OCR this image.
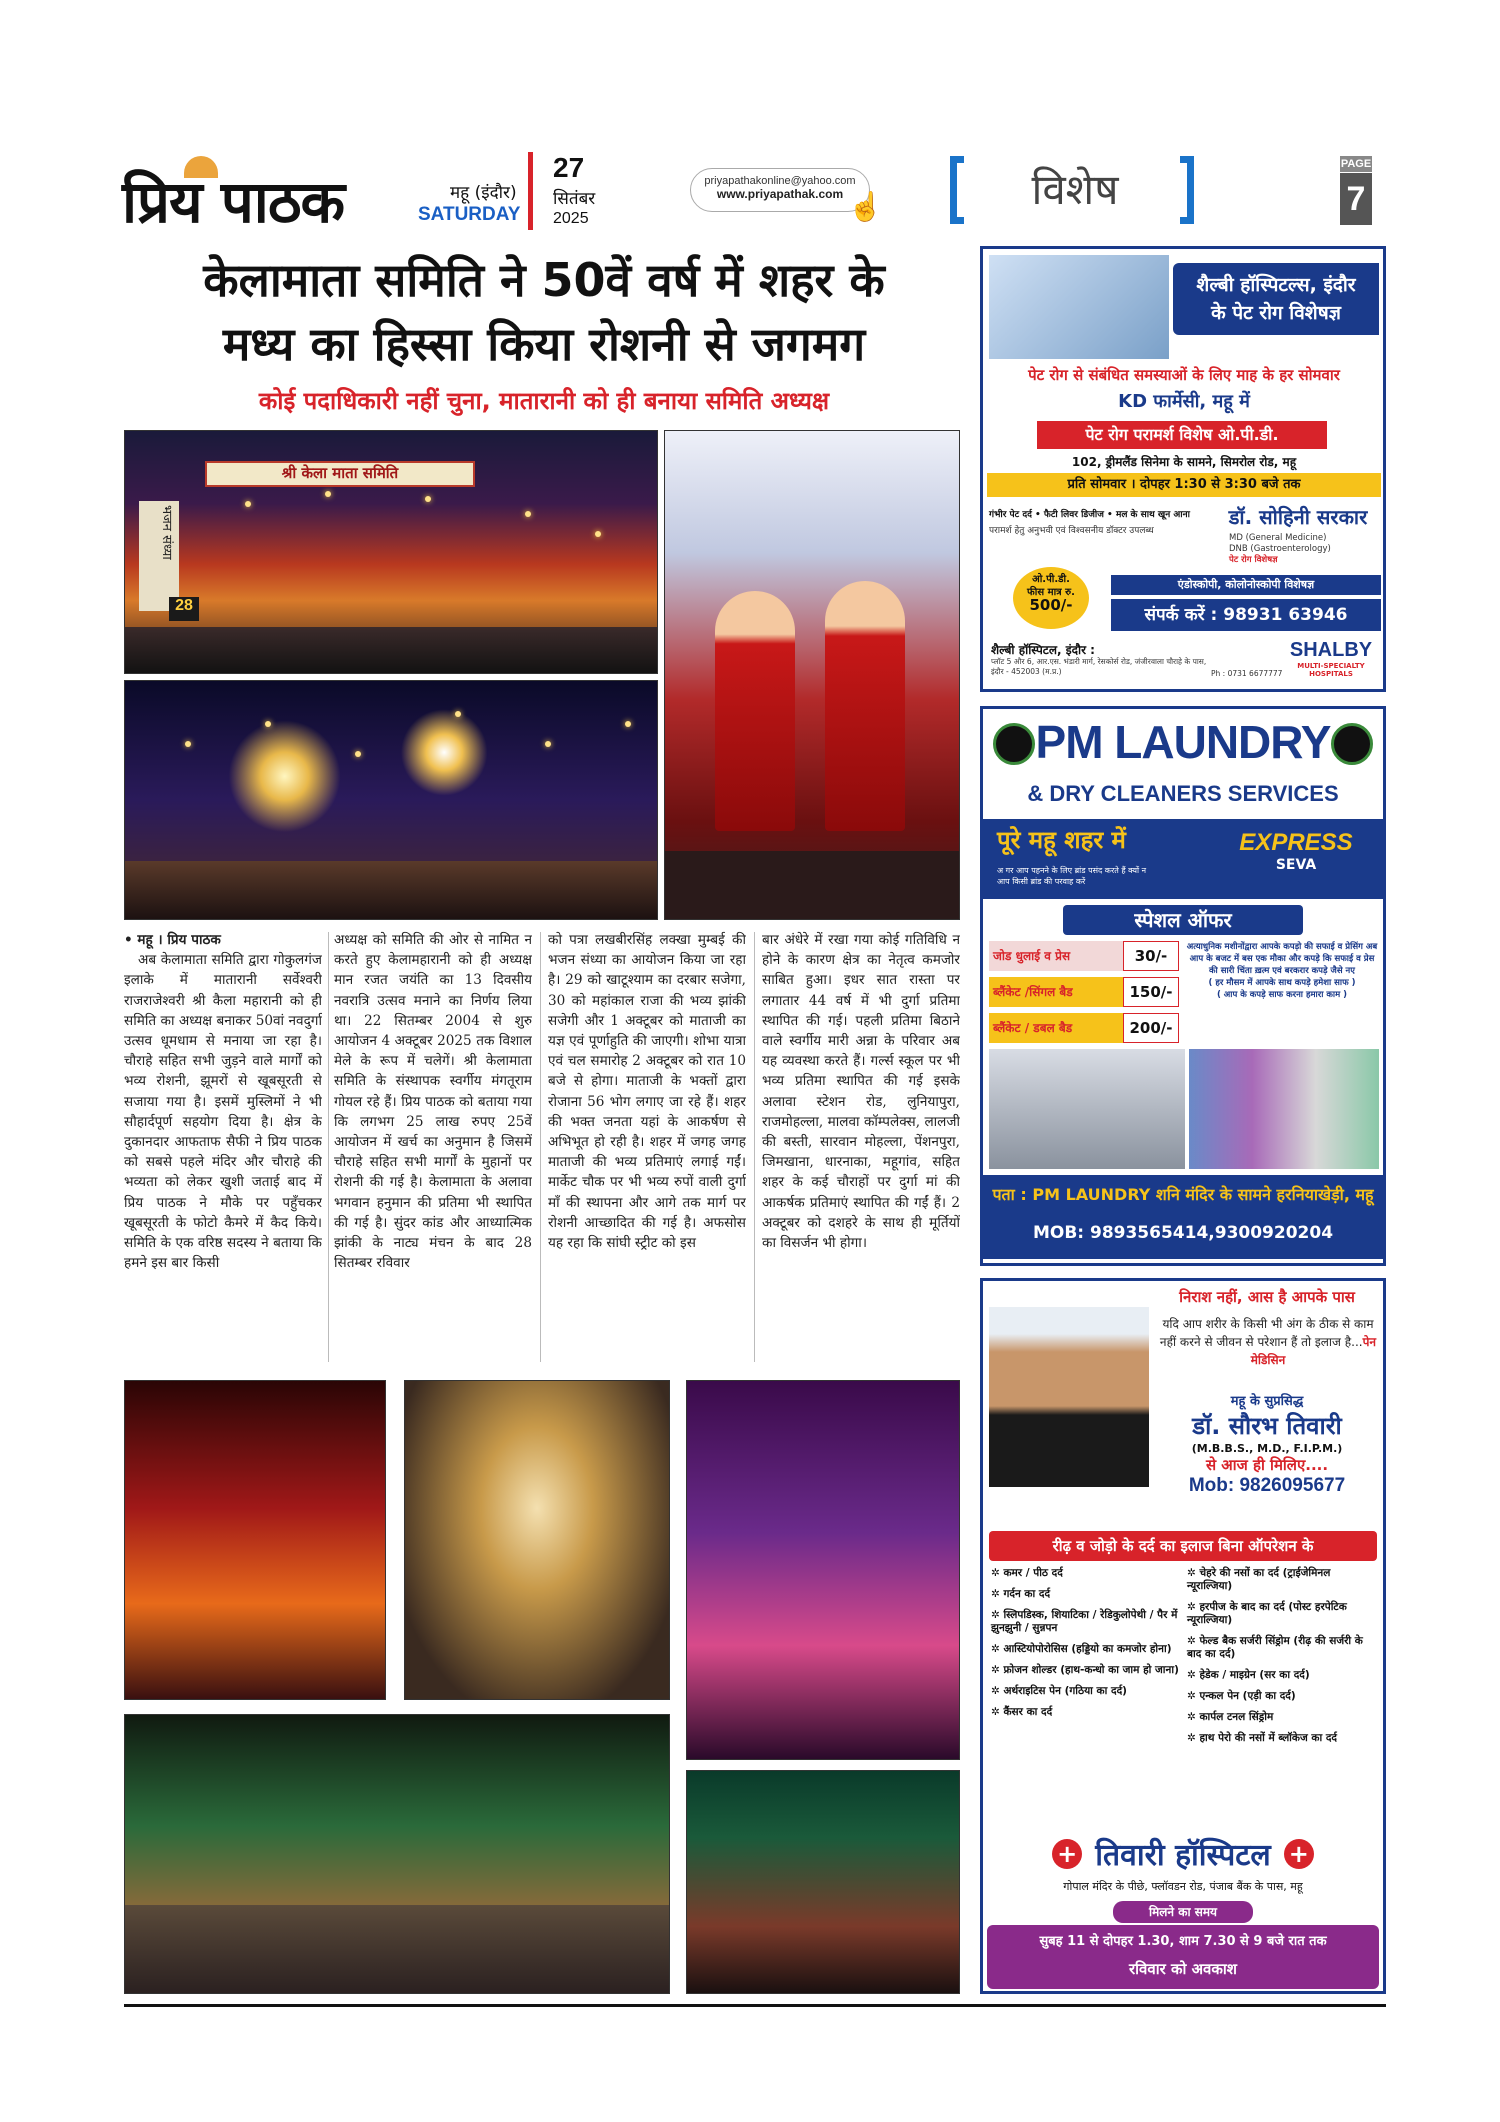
प्रिय पाठक	महू (इंदौर)
SATURDAY
27
सितंबर
2025
priyapathakonline@yahoo.com
www.priyapathak.com ☝	विशेष
PAGE
7
केलामाता समिति ने 50वें वर्ष में शहर के
मध्य का हिस्सा किया रोशनी से जगमग
कोई पदाधिकारी नहीं चुना, मातारानी को ही बनाया समिति अध्यक्ष
श्री केला माता समिति
भजन संध्या
28
• महू । प्रिय पाठक
अब केलामाता समिति द्वारा गोकुलगंज इलाके में मातारानी सर्वेश्वरी राजराजेश्वरी श्री कैला महारानी को ही समिति का अध्यक्ष बनाकर 50वां नवदुर्गा उत्सव धूमधाम से मनाया जा रहा है। चौराहे सहित सभी जुड़ने वाले मार्गों को भव्य रोशनी, झूमरों से खूबसूरती से सजाया गया है। इसमें मुस्लिमों ने भी सौहार्दपूर्ण सहयोग दिया है। क्षेत्र के दुकानदार आफताफ सैफी ने प्रिय पाठक को सबसे पहले मंदिर और चौराहे की भव्यता को लेकर खुशी जताई बाद में प्रिय पाठक ने मौके पर पहुँचकर खूबसूरती के फोटो कैमरे में कैद किये। समिति के एक वरिष्ठ सदस्य ने बताया कि हमने इस बार किसी
अध्यक्ष को समिति की ओर से नामित न करते हुए केलामहारानी को ही अध्यक्ष मान रजत जयंति का 13 दिवसीय नवरात्रि उत्सव मनाने का निर्णय लिया था। 22 सितम्बर 2004 से शुरु आयोजन 4 अक्टूबर 2025 तक विशाल मेले के रूप में चलेगें। श्री केलामाता समिति के संस्थापक स्वर्गीय मंगतूराम गोयल रहे हैं। प्रिय पाठक को बताया गया कि लगभग 25 लाख रुपए 25वें आयोजन में खर्च का अनुमान है जिसमें चौराहे सहित सभी मार्गों के मुहानों पर रोशनी की गई है। केलामाता के अलावा भगवान हनुमान की प्रतिमा भी स्थापित की गई है। सुंदर कांड और आध्यात्मिक झांकी के नाट्य मंचन के बाद 28 सितम्बर रविवार
को पत्रा लखबीरसिंह लक्खा मुम्बई की भजन संध्या का आयोजन किया जा रहा है। 29 को खाटूश्याम का दरबार सजेगा, 30 को महांकाल राजा की भव्य झांकी सजेगी और 1 अक्टूबर को माताजी का यज्ञ एवं पूर्णाहुति की जाएगी। शोभा यात्रा एवं चल समारोह 2 अक्टूबर को रात 10 बजे से होगा। माताजी के भक्तों द्वारा रोजाना 56 भोग लगाए जा रहे हैं। शहर की भक्त जनता यहां के आकर्षण से अभिभूत हो रही है। शहर में जगह जगह माताजी की भव्य प्रतिमाएं लगाई गईं। मार्केट चौक पर भी भव्य रुपों वाली दुर्गा माँ की स्थापना और आगे तक मार्ग पर रोशनी आच्छादित की गई है। अफसोस यह रहा कि सांघी स्ट्रीट को इस
बार अंधेरे में रखा गया कोई गतिविधि न होने के कारण क्षेत्र का नेतृत्व कमजोर साबित हुआ। इधर सात रास्ता पर लगातार 44 वर्ष में भी दुर्गा प्रतिमा स्थापित की गई। पहली प्रतिमा बिठाने वाले स्वर्गीय मारी अन्ना के परिवार अब यह व्यवस्था करते हैं। गर्ल्स स्कूल पर भी भव्य प्रतिमा स्थापित की गई इसके अलावा स्टेशन रोड, लुनियापुरा, राजमोहल्ला, मालवा कॉम्पलेक्स, लालजी की बस्ती, सारवान मोहल्ला, पेंशनपुरा, जिमखाना, धारनाका, महूगांव, सहित शहर के कई चौराहों पर दुर्गा मां की आकर्षक प्रतिमाएं स्थापित की गईं हैं। 2 अक्टूबर को दशहरे के साथ ही मूर्तियों का विसर्जन भी होगा।
शैल्बी हॉस्पिटल्स, इंदौर
के पेट रोग विशेषज्ञ
पेट रोग से संबंधित समस्याओं के लिए माह के हर सोमवार
KD फार्मेसी, महू में
पेट रोग परामर्श विशेष ओ.पी.डी.
102, ड्रीमलैंड सिनेमा के सामने, सिमरोल रोड, महू
प्रति सोमवार । दोपहर 1:30 से 3:30 बजे तक
गंभीर पेट दर्द • फैटी लिवर डिजीज • मल के साथ खून आना
परामर्श हेतु अनुभवी एवं विश्वसनीय डॉक्टर उपलब्ध
डॉ. सोहिनी सरकार
MD (General Medicine)
DNB (Gastroenterology)
पेट रोग विशेषज्ञ
ओ.पी.डी.
फीस मात्र रु.
500/-
एंडोस्कोपी, कोलोनोस्कोपी विशेषज्ञ
संपर्क करें : 98931 63946
शैल्बी हॉस्पिटल, इंदौर :
प्लॉट 5 और 6, आर.एस. भंडारी मार्ग, रेसकोर्स रोड, जंजीरवाला चौराहे के पास, इंदौर - 452003 (म.प्र.)	Ph : 0731 6677777
SHALBY
MULTI-SPECIALTY HOSPITALS
PM LAUNDRY
& DRY CLEANERS SERVICES
पूरे महू शहर में	EXPRESS
SEVA
अ गर आप पहनने के लिए ब्रांड पसंद करते हैं क्यों न
आप किसी ब्रांड की परवाह करें
स्पेशल ऑफर
जोड धुलाई व प्रेस	30/-
ब्लैंकेट /सिंगल बैड	150/-
ब्लैंकेट / डबल बैड	200/-
अत्याधुनिक मशीनोंद्वारा आपके कपड़ो की सफाई व प्रेसिंग अब आप के बजट में बस एक मौका और कपड़े कि सफाई व प्रेस की सारी चिंता ख़त्म एवं बरकरार कपड़े जैसे नए
( हर मौसम में आपके साथ कपड़े हमेशा साफ )
( आप के कपड़े साफ करना हमारा काम )
पता : PM LAUNDRY शनि मंदिर के सामने हरनियाखेड़ी, महू
MOB: 9893565414,9300920204
निराश नहीं, आस है आपके पास
यदि आप शरीर के किसी भी अंग के ठीक से काम नहीं करने से जीवन से परेशान हैं तो इलाज है...पेन मेडिसिन
महू के सुप्रसिद्ध
डॉ. सौरभ तिवारी
(M.B.B.S., M.D., F.I.P.M.)
से आज ही मिलिए....
Mob: 9826095677
रीढ़ व जोड़ो के दर्द का इलाज बिना ऑपरेशन के
✲ कमर / पीठ दर्द
✲ गर्दन का दर्द
✲ स्लिपडिस्क, शियाटिका / रेडिकुलोपेथी / पैर में झुनझुनी / सुन्नपन
✲ आस्टियोपोरोसिस (हड्डियो का कमजोर होना)
✲ फ्रोजन शोल्डर (हाथ-कन्धो का जाम हो जाना)
✲ अर्थराइटिस पेन (गठिया का दर्द)
✲ कैंसर का दर्द
✲ चेहरे की नसों का दर्द (ट्राईजेमिनल न्यूराल्जिया)
✲ हरपीज के बाद का दर्द (पोस्ट हरपेटिक न्यूराल्जिया)
✲ फेल्ड बैक सर्जरी सिंड्रोम (रीढ़ की सर्जरी के बाद का दर्द)
✲ हेडेक / माइग्रेन (सर का दर्द)
✲ एन्कल पेन (एड़ी का दर्द)
✲ कार्पल टनल सिंड्रोम
✲ हाथ पेरो की नसों में ब्लॉकेज का दर्द
+ तिवारी हॉस्पिटल +
गोपाल मंदिर के पीछे, फ्लॉवडन रोड, पंजाब बैंक के पास, महू
मिलने का समय
सुबह 11 से दोपहर 1.30, शाम 7.30 से 9 बजे रात तक
रविवार को अवकाश
